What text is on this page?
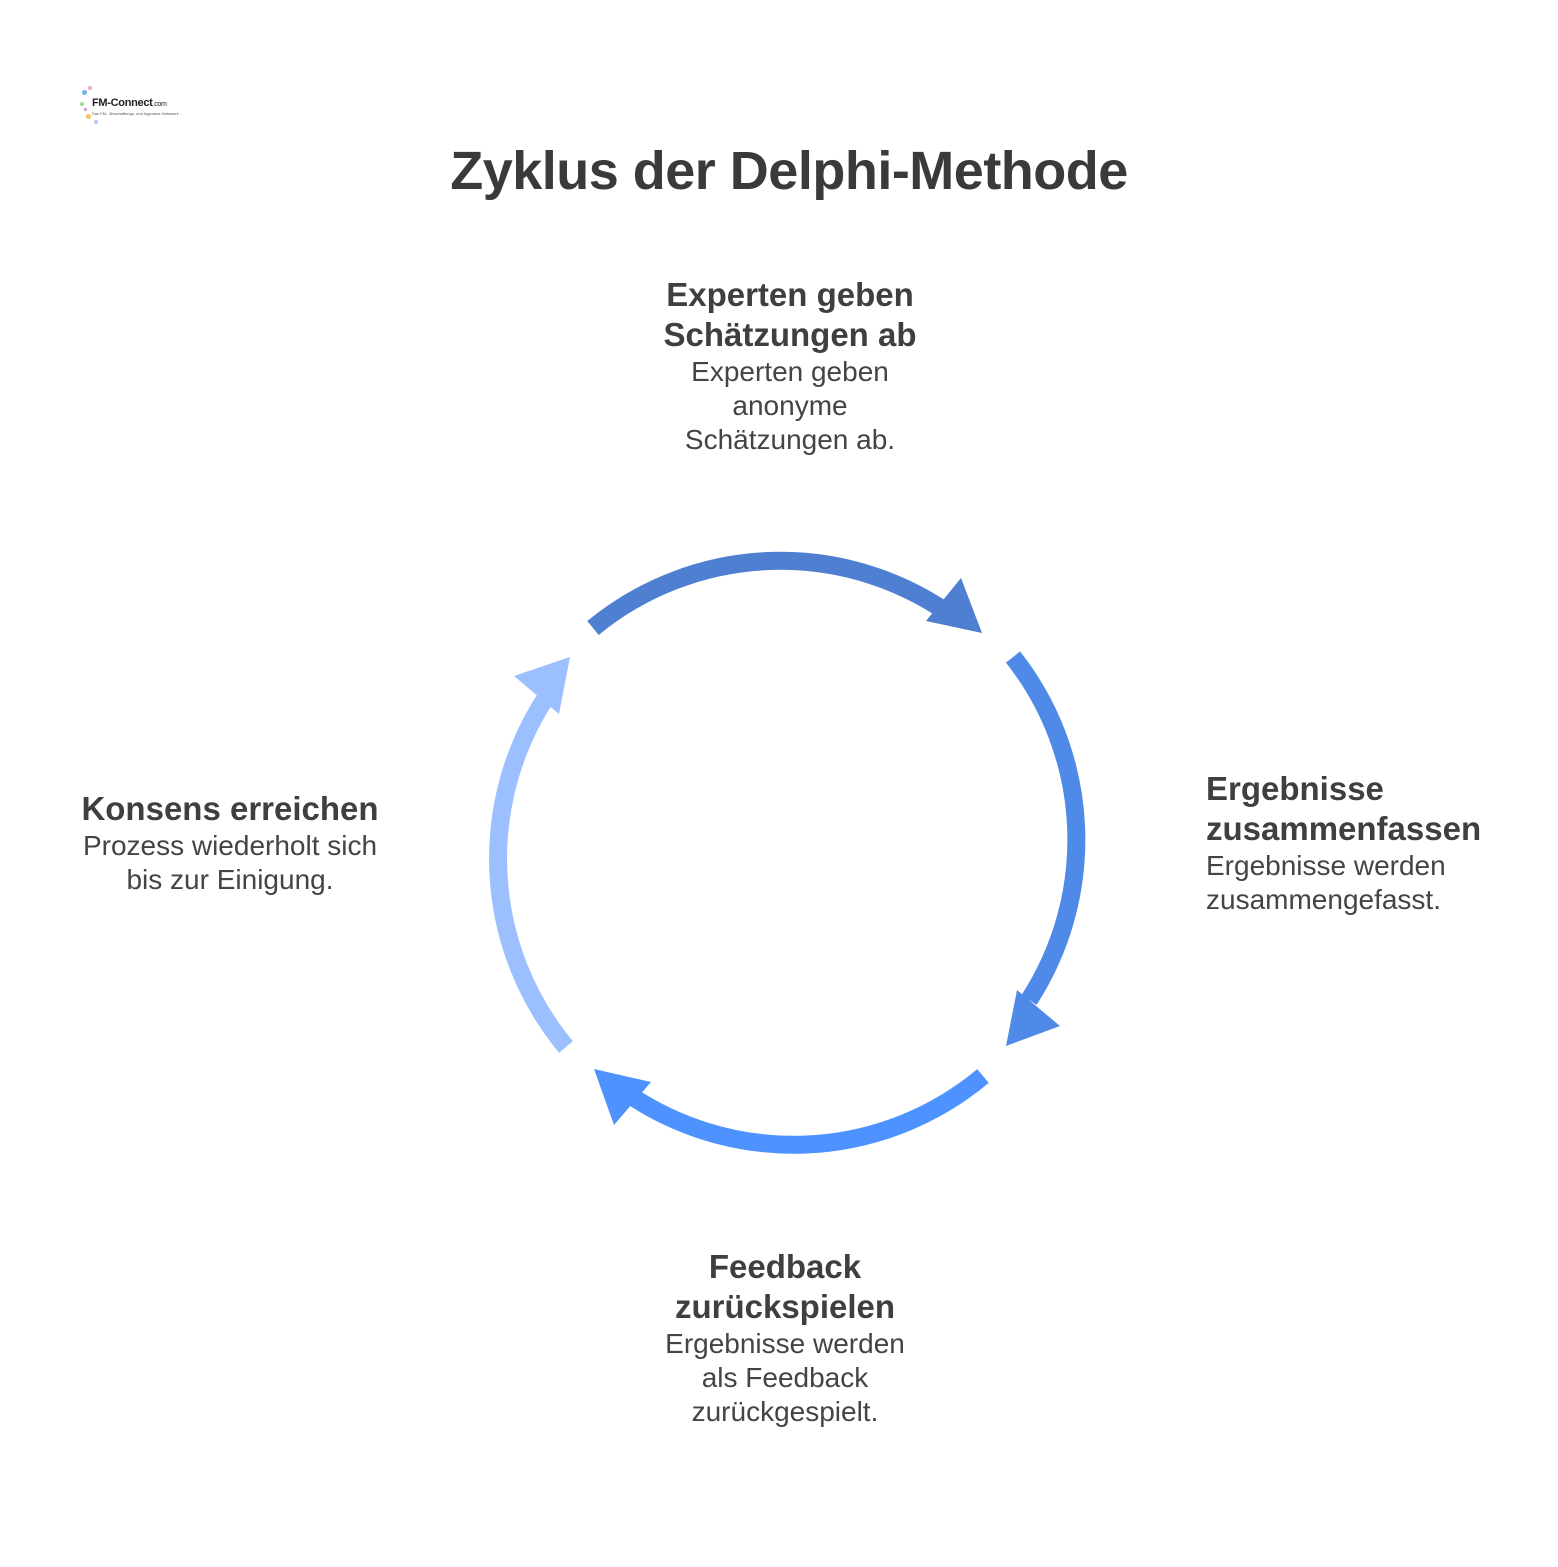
FM-Connect.com
Das FM-, Beschaffungs- und Ingenieur-Netzwerk
Zyklus der Delphi-Methode
Experten geben Schätzungen ab
Experten geben anonyme Schätzungen ab.
Ergebnisse zusammenfassen
Ergebnisse werden zusammengefasst.
Feedback zurückspielen
Ergebnisse werden als Feedback zurückgespielt.
Konsens erreichen
Prozess wiederholt sich bis zur Einigung.
